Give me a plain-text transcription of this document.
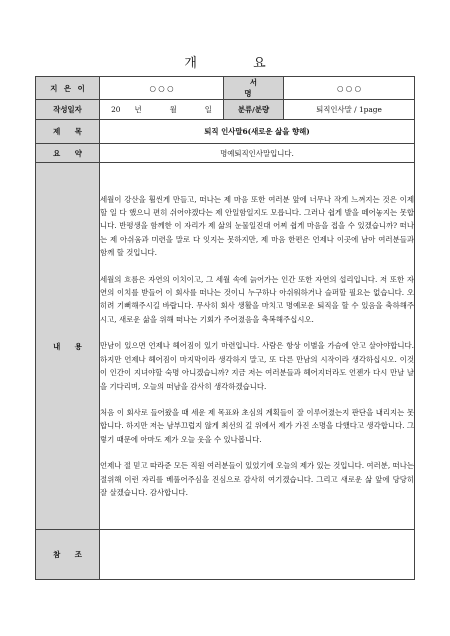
개 요
지 은 이	○ ○ ○	서 명	○ ○ ○
작성일자	20 년 월 일	분류/분량	퇴직인사말 / 1page
제 목	퇴직 인사말6(새로운 삶을 향해)		
요 약	명예퇴직인사말입니다.		
내 용	세월이 강산을 훨씬게 만들고, 떠나는 제 마음 또한 여러분 앞에 너무나 작게 느껴지는 것은 이제 할 일 다 했으니 편히 쉬어야겠다는 제 안일함일지도 모릅니다. 그러나 쉽게 발을 떼어놓지는 못합니다. 반평생을 함께한 이 자리가 제 삶의 눈물일진대 어찌 쉽게 마음을 접을 수 있겠습니까? 떠나는 제 아쉬움과 미련을 말로 다 잇지는 못하지만, 제 마음 한편은 언제나 이곳에 남아 여러분들과 함께 할 것입니다.

세월의 흐름은 자연의 이치이고, 그 세월 속에 늙어가는 인간 또한 자연의 섭리입니다. 저 또한 자연의 이치를 받들어 이 회사를 떠나는 것이니 누구하나 아쉬워하거나 슬퍼할 필요는 없습니다. 오히려 기뻐해주시길 바랍니다. 무사히 회사 생활을 마치고 명예로운 퇴직을 할 수 있음을 축하해주시고, 새로운 삶을 위해 떠나는 기회가 주어졌음을 축복해주십시오.

만남이 있으면 언제나 헤어짐이 있기 마련입니다. 사람은 항상 이별을 가슴에 안고 살아야합니다. 하지만 언제나 헤어짐이 마지막이라 생각하지 말고, 또 다른 만남의 시작이라 생각하십시오. 이것이 인간이 지녀야할 숙명 아니겠습니까? 지금 저는 여러분들과 헤어지더라도 언젠가 다시 만날 날을 기다리며, 오늘의 떠남을 감사히 생각하겠습니다.

처음 이 회사로 들어왔을 때 세운 제 목표와 초심의 계획들이 잘 이루어졌는지 판단을 내리지는 못합니다. 하지만 저는 남부끄럽지 않게 최선의 길 위에서 제가 가진 소명을 다했다고 생각합니다. 그렇기 때문에 아마도 제가 오늘 웃을 수 있나봅니다.

언제나 절 믿고 따라준 모든 직원 여러분들이 있었기에 오늘의 제가 있는 것입니다. 여러분, 떠나는 절위해 이런 자리를 베풀어주심을 진심으로 감사히 여기겠습니다. 그리고 새로운 삶 앞에 당당히 잘 살겠습니다. 감사합니다.		

참 조			
